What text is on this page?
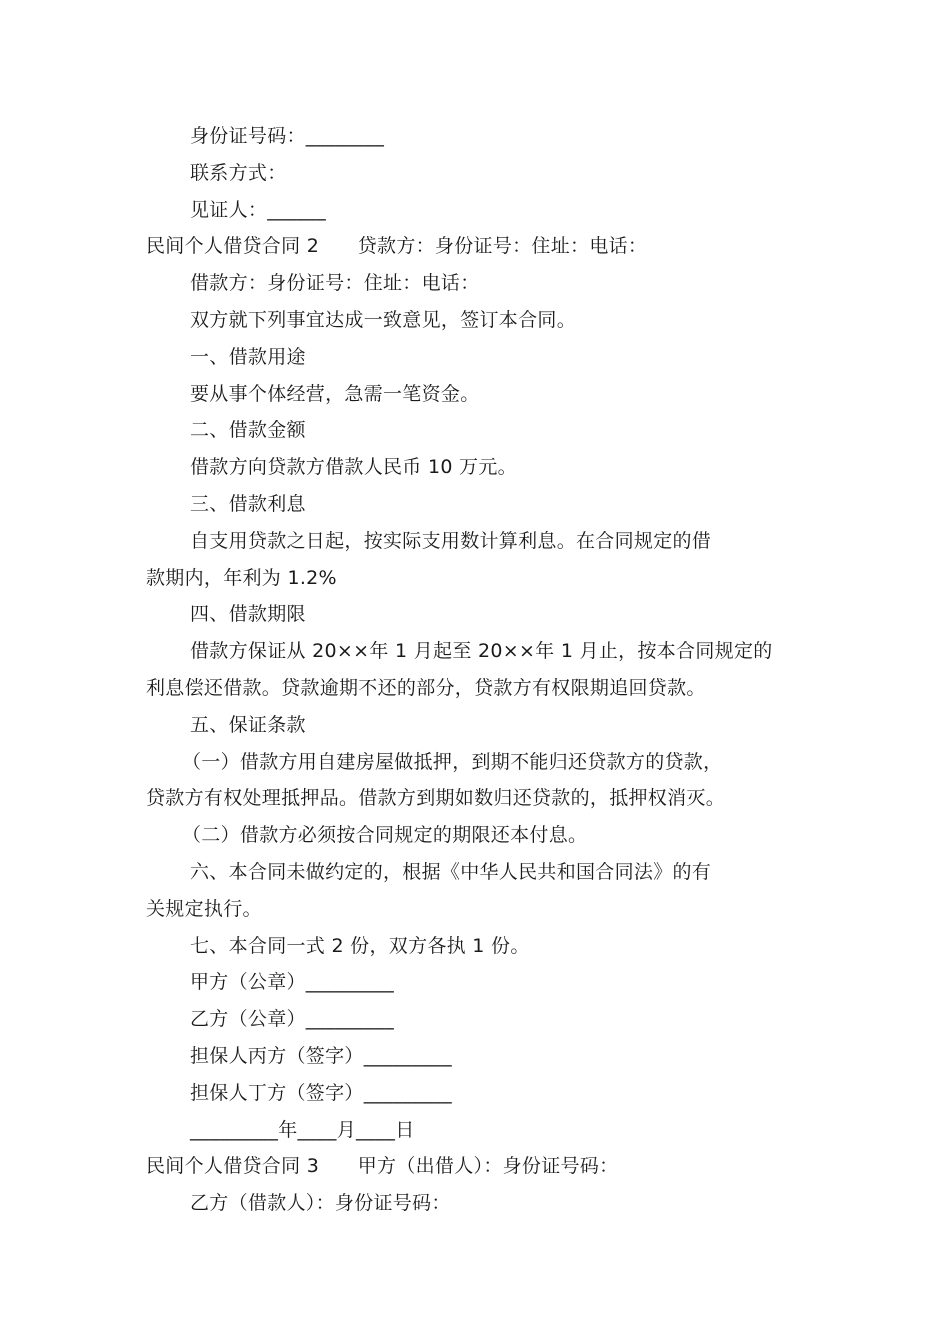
身份证号码：________
联系方式：
见证人：______
民间个人借贷合同 2　　贷款方：身份证号：住址：电话：
借款方：身份证号：住址：电话：
双方就下列事宜达成一致意见，签订本合同。
一、借款用途
要从事个体经营，急需一笔资金。
二、借款金额
借款方向贷款方借款人民币 10 万元。
三、借款利息
自支用贷款之日起，按实际支用数计算利息。在合同规定的借
款期内，年利为 1.2%
四、借款期限
借款方保证从 20××年 1 月起至 20××年 1 月止，按本合同规定的
利息偿还借款。贷款逾期不还的部分，贷款方有权限期追回贷款。
五、保证条款
（一）借款方用自建房屋做抵押，到期不能归还贷款方的贷款，
贷款方有权处理抵押品。借款方到期如数归还贷款的，抵押权消灭。
（二）借款方必须按合同规定的期限还本付息。
六、本合同未做约定的，根据《中华人民共和国合同法》的有
关规定执行。
七、本合同一式 2 份，双方各执 1 份。
甲方（公章）_________
乙方（公章）_________
担保人丙方（签字）_________
担保人丁方（签字）_________
_________年____月____日
民间个人借贷合同 3　　甲方（出借人）：身份证号码：
乙方（借款人）：身份证号码：
